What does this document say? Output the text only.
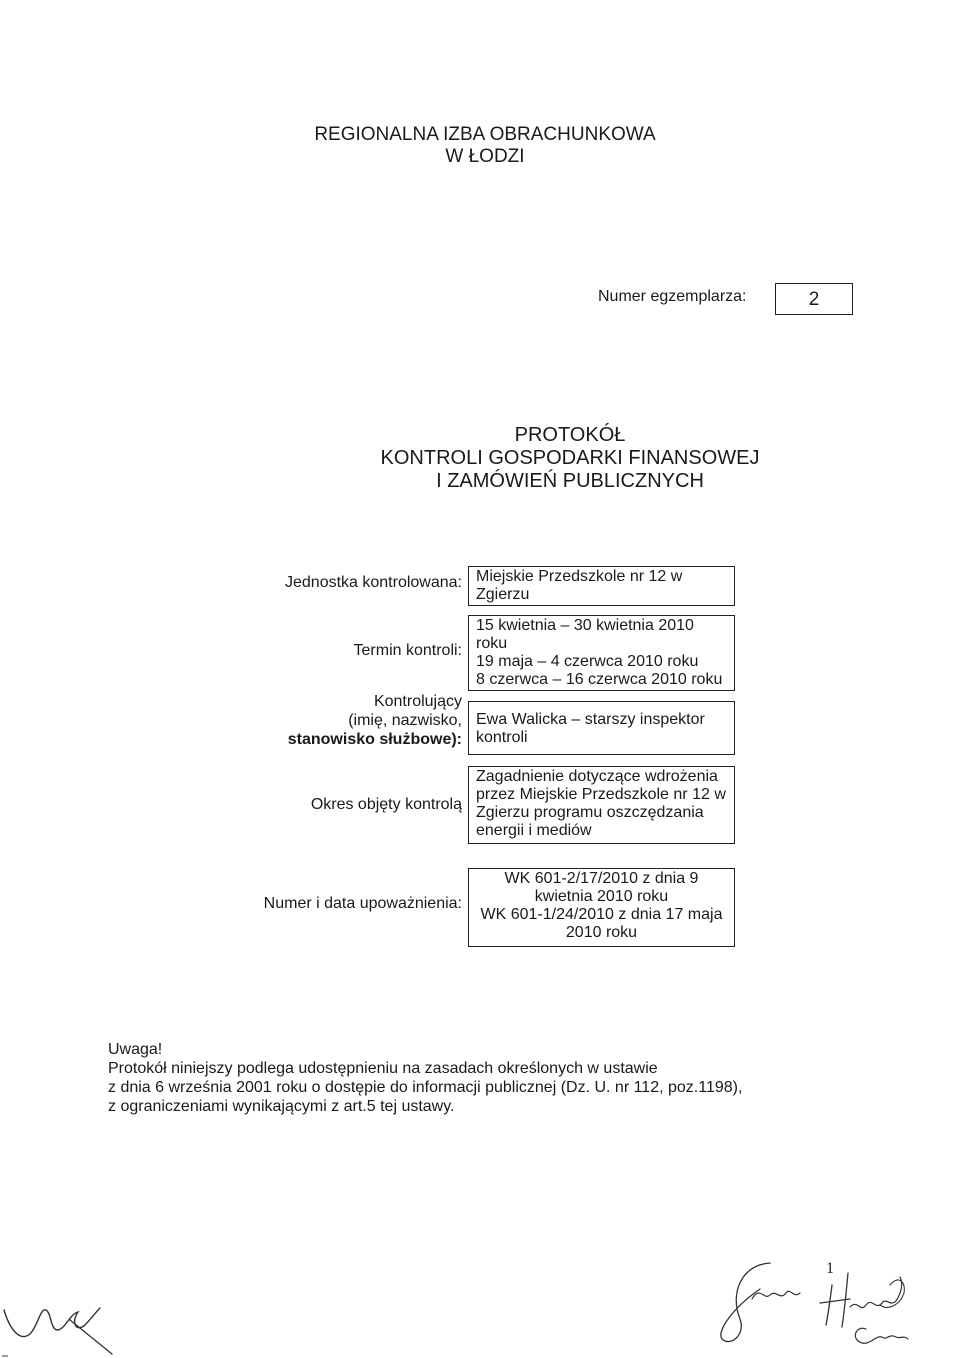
REGIONALNA IZBA OBRACHUNKOWA
W ŁODZI
Numer egzemplarza:	2
PROTOKÓŁ
KONTROLI GOSPODARKI FINANSOWEJ
I ZAMÓWIEŃ PUBLICZNYCH
Jednostka kontrolowana: Miejskie Przedszkole nr 12 w
Zgierzu
Termin kontroli:
15 kwietnia – 30 kwietnia 2010
roku
19 maja – 4 czerwca 2010 roku
8 czerwca – 16 czerwca 2010 roku
Kontrolujący
(imię, nazwisko,
stanowisko służbowe):
Ewa Walicka – starszy inspektor
kontroli
Okres objęty kontrolą
Zagadnienie dotyczące wdrożenia
przez Miejskie Przedszkole nr 12 w
Zgierzu programu oszczędzania
energii i mediów
Numer i data upoważnienia:
WK 601-2/17/2010 z dnia 9
kwietnia 2010 roku
WK 601-1/24/2010 z dnia 17 maja
2010 roku
Uwaga!
Protokół niniejszy podlega udostępnieniu na zasadach określonych w ustawie
z dnia 6 września 2001 roku o dostępie do informacji publicznej (Dz. U. nr 112, poz.1198),
z ograniczeniami wynikającymi z art.5 tej ustawy.
1
